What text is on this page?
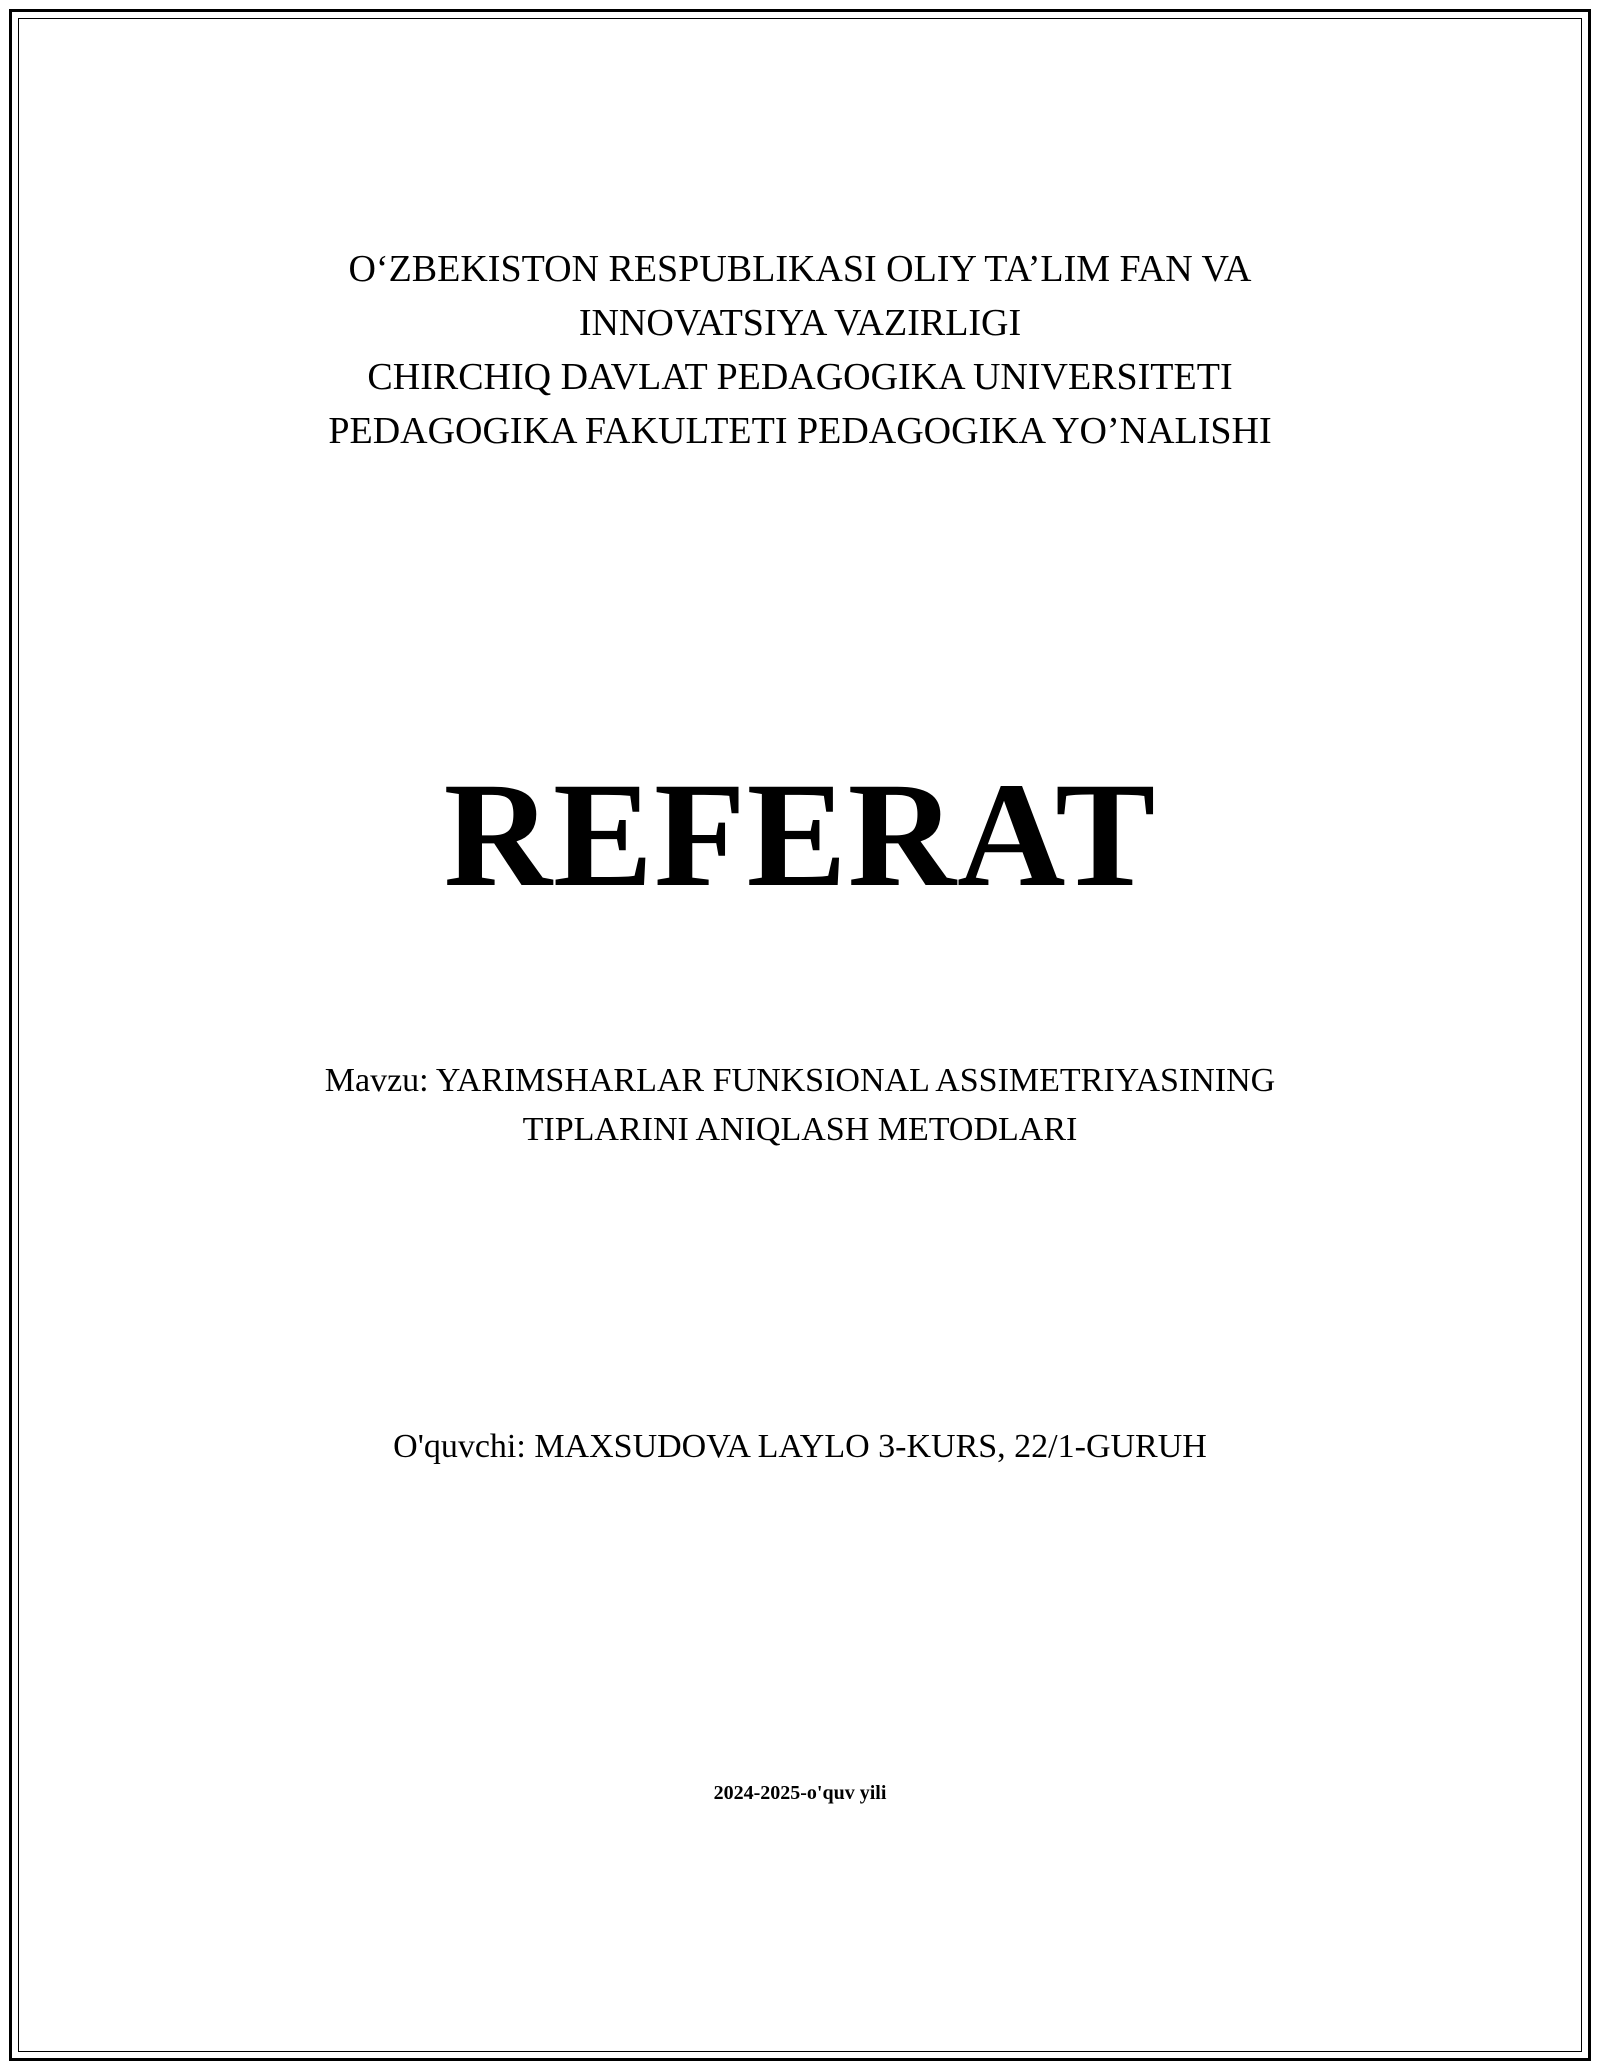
O‘ZBEKISTON RESPUBLIKASI OLIY TA’LIM FAN VA
INNOVATSIYA VAZIRLIGI
CHIRCHIQ DAVLAT PEDAGOGIKA UNIVERSITETI
PEDAGOGIKA FAKULTETI PEDAGOGIKA YO’NALISHI
REFERAT
Mavzu: YARIMSHARLAR FUNKSIONAL ASSIMETRIYASINING
TIPLARINI ANIQLASH METODLARI
O'quvchi: MAXSUDOVA LAYLO 3-KURS, 22/1-GURUH
2024-2025-o'quv yili
